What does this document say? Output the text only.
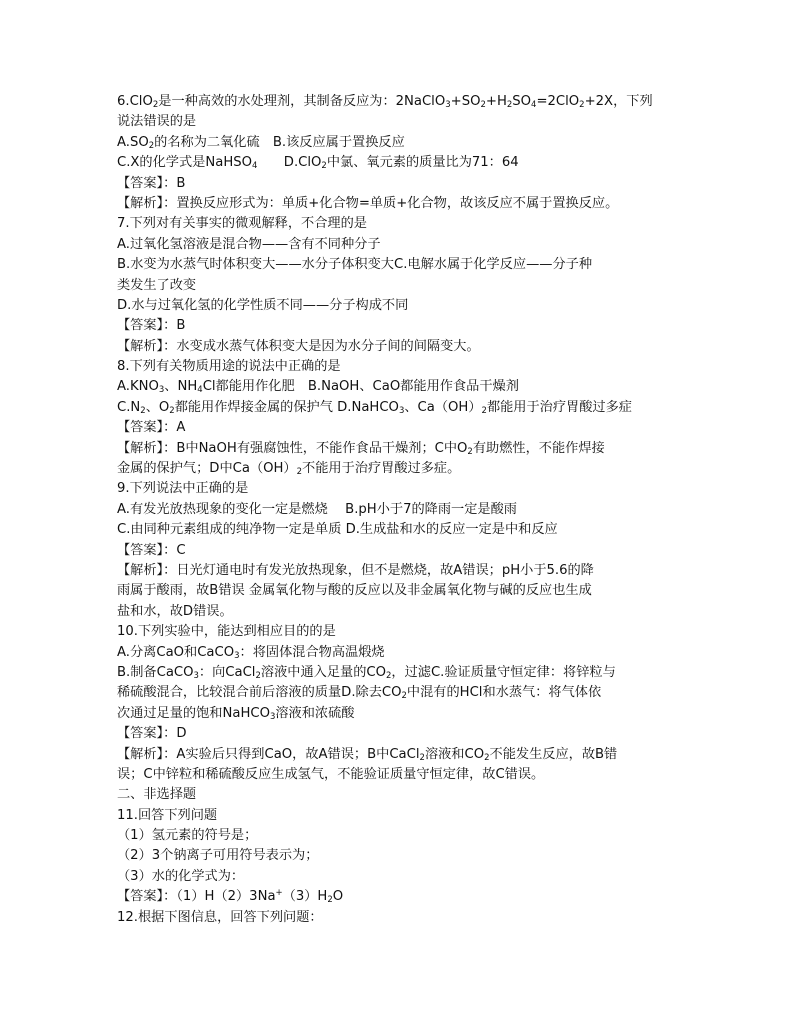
6.ClO$_2$是一种高效的水处理剂，其制备反应为：$2NaClO_3+SO_2+H_2SO_4=2ClO_2+2X$，下列
说法错误的是
$A.SO_2$的名称为二氧化硫　B.该反应属于置换反应
C.X的化学式是NaHSO$_4$　　D.ClO$_2$中氯、氧元素的质量比为71：64
【答案】：B
【解析】：置换反应形式为：单质+化合物=单质+化合物，故该反应不属于置换反应。
7.下列对有关事实的微观解释，不合理的是
A.过氧化氢溶液是混合物——含有不同种分子
B.水变为水蒸气时体积变大——水分子体积变大C.电解水属于化学反应——分子种
类发生了改变
D.水与过氧化氢的化学性质不同——分子构成不同
【答案】：B
【解析】：水变成水蒸气体积变大是因为水分子间的间隔变大。
8.下列有关物质用途的说法中正确的是
$A.KNO_3$、$NH_4Cl$都能用作化肥　B.NaOH、CaO都能用作食品干燥剂
$C.N_2$、$O_2$都能用作焊接金属的保护气 D.NaHCO$_3$、$Ca(OH)_2$都能用于治疗胃酸过多症
【答案】：A
【解析】：B中NaOH有强腐蚀性，不能作食品干燥剂；C中$O_2$有助燃性，不能作焊接
金属的保护气；D中$Ca(OH)_2$不能用于治疗胃酸过多症。
9.下列说法中正确的是
A.有发光放热现象的变化一定是燃烧　 B.pH小于7的降雨一定是酸雨
C.由同种元素组成的纯净物一定是单质 D.生成盐和水的反应一定是中和反应
【答案】：C
【解析】：日光灯通电时有发光放热现象，但不是燃烧，故A错误；pH小于5.6的降
雨属于酸雨，故B错误 金属氧化物与酸的反应以及非金属氧化物与碱的反应也生成
盐和水，故D错误。
10.下列实验中，能达到相应目的的是
A.分离CaO和CaCO$_3$：将固体混合物高温煅烧
B.制备CaCO$_3$：向CaCl$_2$溶液中通入足量的$CO_2$，过滤C.验证质量守恒定律：将锌粒与
稀硫酸混合，比较混合前后溶液的质量D.除去$CO_2$中混有的HCl和水蒸气：将气体依
次通过足量的饱和NaHCO$_3$溶液和浓硫酸
【答案】：D
【解析】：A实验后只得到CaO，故A错误；B中CaCl$_2$溶液和$CO_2$不能发生反应，故B错
误；C中锌粒和稀硫酸反应生成氢气，不能验证质量守恒定律，故C错误。
二、非选择题
11.回答下列问题
（1）氢元素的符号是；
（2）3个钠离子可用符号表示为；
（3）水的化学式为：
【答案】：$(1)H(2)3Na^+(3)H_2O$
12.根据下图信息，回答下列问题：
